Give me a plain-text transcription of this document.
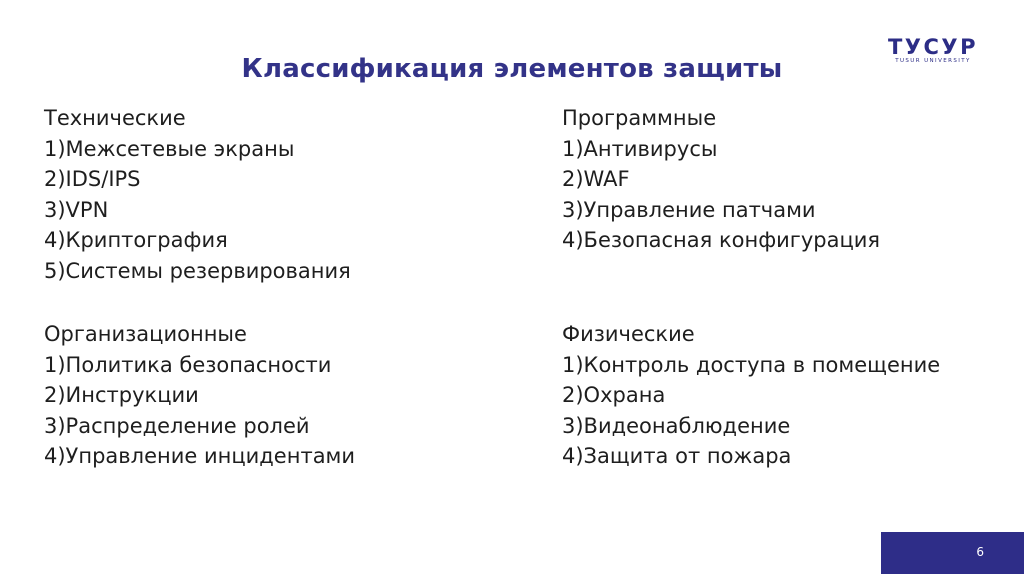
Классификация элементов защиты
ТУСУР
TUSUR UNIVERSITY
Технические
1)Межсетевые экраны
2)IDS/IPS
3)VPN
4)Криптография
5)Системы резервирования
Программные
1)Антивирусы
2)WAF
3)Управление патчами
4)Безопасная конфигурация
Организационные
1)Политика безопасности
2)Инструкции
3)Распределение ролей
4)Управление инцидентами
Физические
1)Контроль доступа в помещение
2)Охрана
3)Видеонаблюдение
4)Защита от пожара
6
